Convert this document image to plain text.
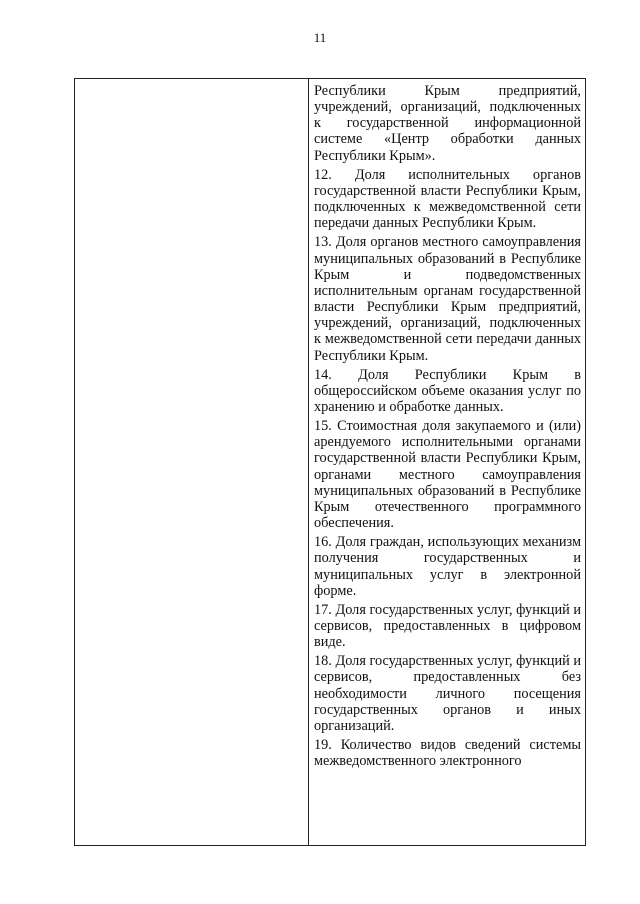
11

Республики Крым предприятий, учреждений, организаций, подключенных к государственной информационной системе «Центр обработки данных Республики Крым».

12. Доля исполнительных органов государственной власти Республики Крым, подключенных к межведомственной сети передачи данных Республики Крым.

13. Доля органов местного самоуправления муниципальных образований в Республике Крым и подведомственных исполнительным органам государственной власти Республики Крым предприятий, учреждений, организаций, подключенных к межведомственной сети передачи данных Республики Крым.

14. Доля Республики Крым в общероссийском объеме оказания услуг по хранению и обработке данных.

15. Стоимостная доля закупаемого и (или) арендуемого исполнительными органами государственной власти Республики Крым, органами местного самоуправления муниципальных образований в Республике Крым отечественного программного обеспечения.

16. Доля граждан, использующих механизм получения государственных и муниципальных услуг в электронной форме.

17. Доля государственных услуг, функций и сервисов, предоставленных в цифровом виде.

18. Доля государственных услуг, функций и сервисов, предоставленных без необходимости личного посещения государственных органов и иных организаций.

19. Количество видов сведений системы межведомственного электронного
